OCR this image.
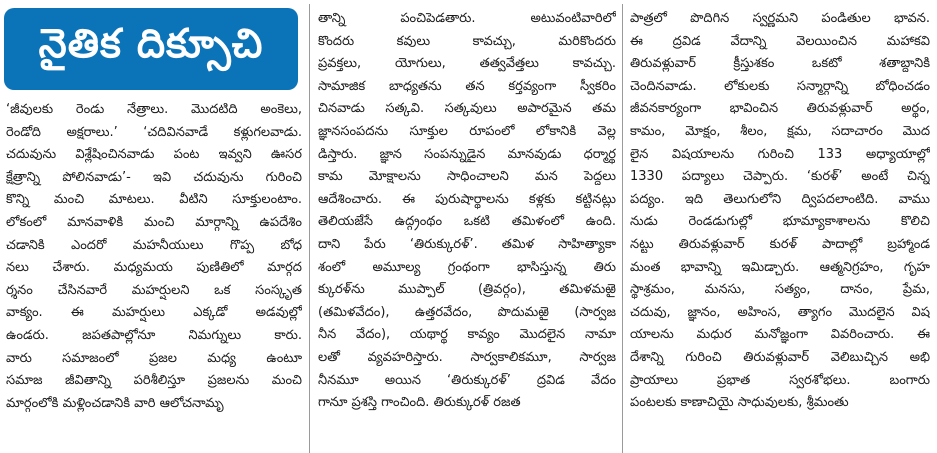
నైతిక దిక్సూచి
‘జీవులకు రెండు నేత్రాలు. మొదటిది అంకెలు,
రెండోది అక్షరాలు.’ ‘చదివినవాడే కళ్లుగలవాడు.
చదువును విశ్లేషించినవాడు పంట ఇవ్వని ఊసర
క్షేత్రాన్ని పోలినవాడు’- ఇవి చదువును గురించి
కొన్ని మంచి మాటలు. వీటిని సూక్తులంటాం.
లోకంలో మానవాళికి మంచి మార్గాన్ని ఉపదేశిం
చడానికి ఎందరో మహనీయులు గొప్ప బోధ
నలు చేశారు. మధ్యమయ పుణితిలో మార్గద
ర్శనం చేసినవారే మహర్షులని ఒక సంస్కృత
వాక్యం. ఈ మహర్షులు ఎక్కడో అడవుల్లో
ఉండరు. జపతపాల్లోనూ నిమగ్నులు కారు.
వారు సమాజంలో ప్రజల మధ్య ఉంటూ
సమాజ జీవితాన్ని పరిశీలిస్తూ ప్రజలను మంచి
మార్గంలోకి మళ్లించడానికి వారి ఆలోచనామృ
తాన్ని పంచిపెడతారు. అటువంటివారిలో
కొందరు కవులు కావచ్చు, మరికొందరు
ప్రవక్తలు, యోగులు, తత్వవేత్తలు కావచ్చు.
సామాజిక బాధ్యతను తన కర్తవ్యంగా స్వీకరిం
చినవాడు సత్కవి. సత్కవులు అపారమైన తమ
జ్ఞానసంపదను సూక్తుల రూపంలో లోకానికి వెల్ల
డిస్తారు. జ్ఞాన సంపన్నుడైన మానవుడు ధర్మార్థ
కామ మోక్షాలను సాధించాలని మన పెద్దలు
ఆదేశించారు. ఈ పురుషార్థాలను కళ్లకు కట్టినట్లు
తెలియజేసే ఉద్గ్రంథం ఒకటి తమిళంలో ఉంది.
దాని పేరు ‘తిరుక్కురళ్’. తమిళ సాహిత్యాకా
శంలో అమూల్య గ్రంథంగా భాసిస్తున్న తిరు
క్కురళ్‌ను ముప్పాల్ (త్రివర్గం), తమిళమఱై
(తమిళవేదం), ఉత్తరవేదం, పొదుమఱై (సార్వజ
నీన వేదం), యథార్థ కావ్యం మొదలైన నామా
లతో వ్యవహరిస్తారు. సార్వకాలికమూ, సార్వజ
నీనమూ అయిన ‘తిరుక్కురళ్’ ద్రవిడ వేదం
గానూ ప్రశస్తి గాంచింది. తిరుక్కురళ్ రజత
పాత్రలో పొదిగిన స్వర్ణమని పండితుల భావన.
ఈ ద్రవిడ వేదాన్ని వెలయించిన మహాకవి
తిరువళ్లువార్ క్రీస్తుశకం ఒకటో శతాబ్దానికి
చెందినవాడు. లోకులకు సన్మార్గాన్ని బోధించడం
జీవనకార్యంగా భావించిన తిరువళ్లువార్ అర్థం,
కామం, మోక్షం, శీలం, క్షమ, సదాచారం మొద
లైన విషయాలను గురించి 133 అధ్యాయాల్లో
1330 పద్యాలు చెప్పారు. ‘కురళ్’ అంటే చిన్న
పద్యం. ఇది తెలుగులోని ద్విపదలాంటిది. వాము
నుడు రెండడుగుల్లో భూమ్యాకాశాలను కొలిచి
నట్టు తిరువళ్లువార్ కురళ్ పాదాల్లో బ్రహ్మాండ
మంత భావాన్ని ఇమిడ్చారు. ఆత్మనిగ్రహం, గృహ
స్థాశ్రమం, మనసు, సత్యం, దానం, ప్రేమ,
చదువు, జ్ఞానం, అహింస, త్యాగం మొదలైన విష
యాలను మధుర మనోజ్ఞంగా వివరించారు. ఈ
దేశాన్ని గురించి తిరువళ్లువార్ వెలిబుచ్చిన అభి
ప్రాయాలు ప్రభాత స్వరశోభలు. బంగారు
పంటలకు కాణాచియై సాధువులకు, శ్రీమంతు
